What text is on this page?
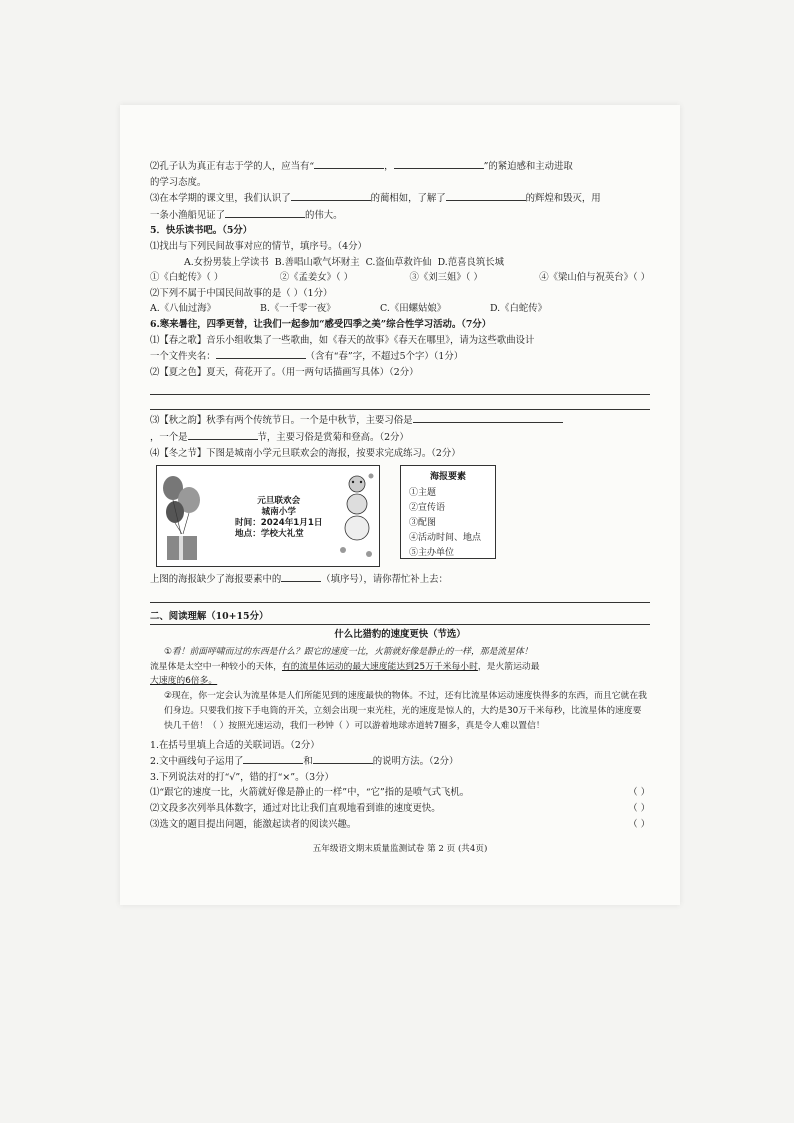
⑵孔子认为真正有志于学的人，应当有“	，	”的紧迫感和主动进取
的学习态度。
⑶在本学期的课文里，我们认识了	的蔺相如，了解了	的辉煌和毁灭，用
一条小渔船见证了	的伟大。
5．快乐读书吧。（5分）
⑴找出与下列民间故事对应的情节，填序号。（4分）
A.女扮男装上学读书 B.善唱山歌气坏财主 C.盗仙草救许仙 D.范喜良筑长城
①《白蛇传》（ ）	②《孟姜女》（ ）	③《刘三姐》（ ）	④《梁山伯与祝英台》（ ）
⑵下列不属于中国民间故事的是（ ）（1分）
A.《八仙过海》	B.《一千零一夜》	C.《田螺姑娘》	D.《白蛇传》
6.寒来暑往，四季更替，让我们一起参加“感受四季之美”综合性学习活动。（7分）
⑴【春之歌】音乐小组收集了一些歌曲，如《春天的故事》《春天在哪里》，请为这些歌曲设计
一个文件夹名：	（含有“春”字，不超过5个字）（1分）
⑵【夏之色】夏天，荷花开了。（用一两句话描画写具体）（2分）
⑶【秋之韵】秋季有两个传统节日。一个是中秋节，主要习俗是
，一个是	节，主要习俗是赏菊和登高。（2分）
⑷【冬之节】下图是城南小学元旦联欢会的海报，按要求完成练习。（2分）
元旦联欢会
城南小学
时间：2024年1月1日
地点：学校大礼堂
海报要素
①主题
②宣传语
③配图
④活动时间、地点
⑤主办单位
上图的海报缺少了海报要素中的	（填序号），请你帮忙补上去：
二、阅读理解（10+15分）
什么比猎豹的速度更快（节选）
①看！前面呼啸而过的东西是什么？跟它的速度一比，火箭就好像是静止的一样，那是流星体！
流星体是太空中一种较小的天体，有的流星体运动的最大速度能达到25万千米每小时，是火箭运动最
大速度的6倍多。
②现在，你一定会认为流星体是人们所能见到的速度最快的物体。不过，还有比流星体运动速度快得多的东西，而且它就在我们身边。只要我们按下手电筒的开关，立刻会出现一束光柱，光的速度是惊人的，大约是30万千米每秒，比流星体的速度要快几千倍！（ ）按照光速运动，我们一秒钟（ ）可以游着地球赤道转7圈多，真是令人难以置信！
1.在括号里填上合适的关联词语。（2分）
2.文中画线句子运用了	和	的说明方法。（2分）
3.下列说法对的打“√”，错的打“×”。（3分）
⑴“跟它的速度一比，火箭就好像是静止的一样”中，“它”指的是喷气式飞机。	（ ）
⑵文段多次列举具体数字，通过对比让我们直观地看到谁的速度更快。	（ ）
⑶选文的题目提出问题，能激起读者的阅读兴趣。	（ ）
五年级语文期末质量监测试卷 第 2 页 (共4页)
